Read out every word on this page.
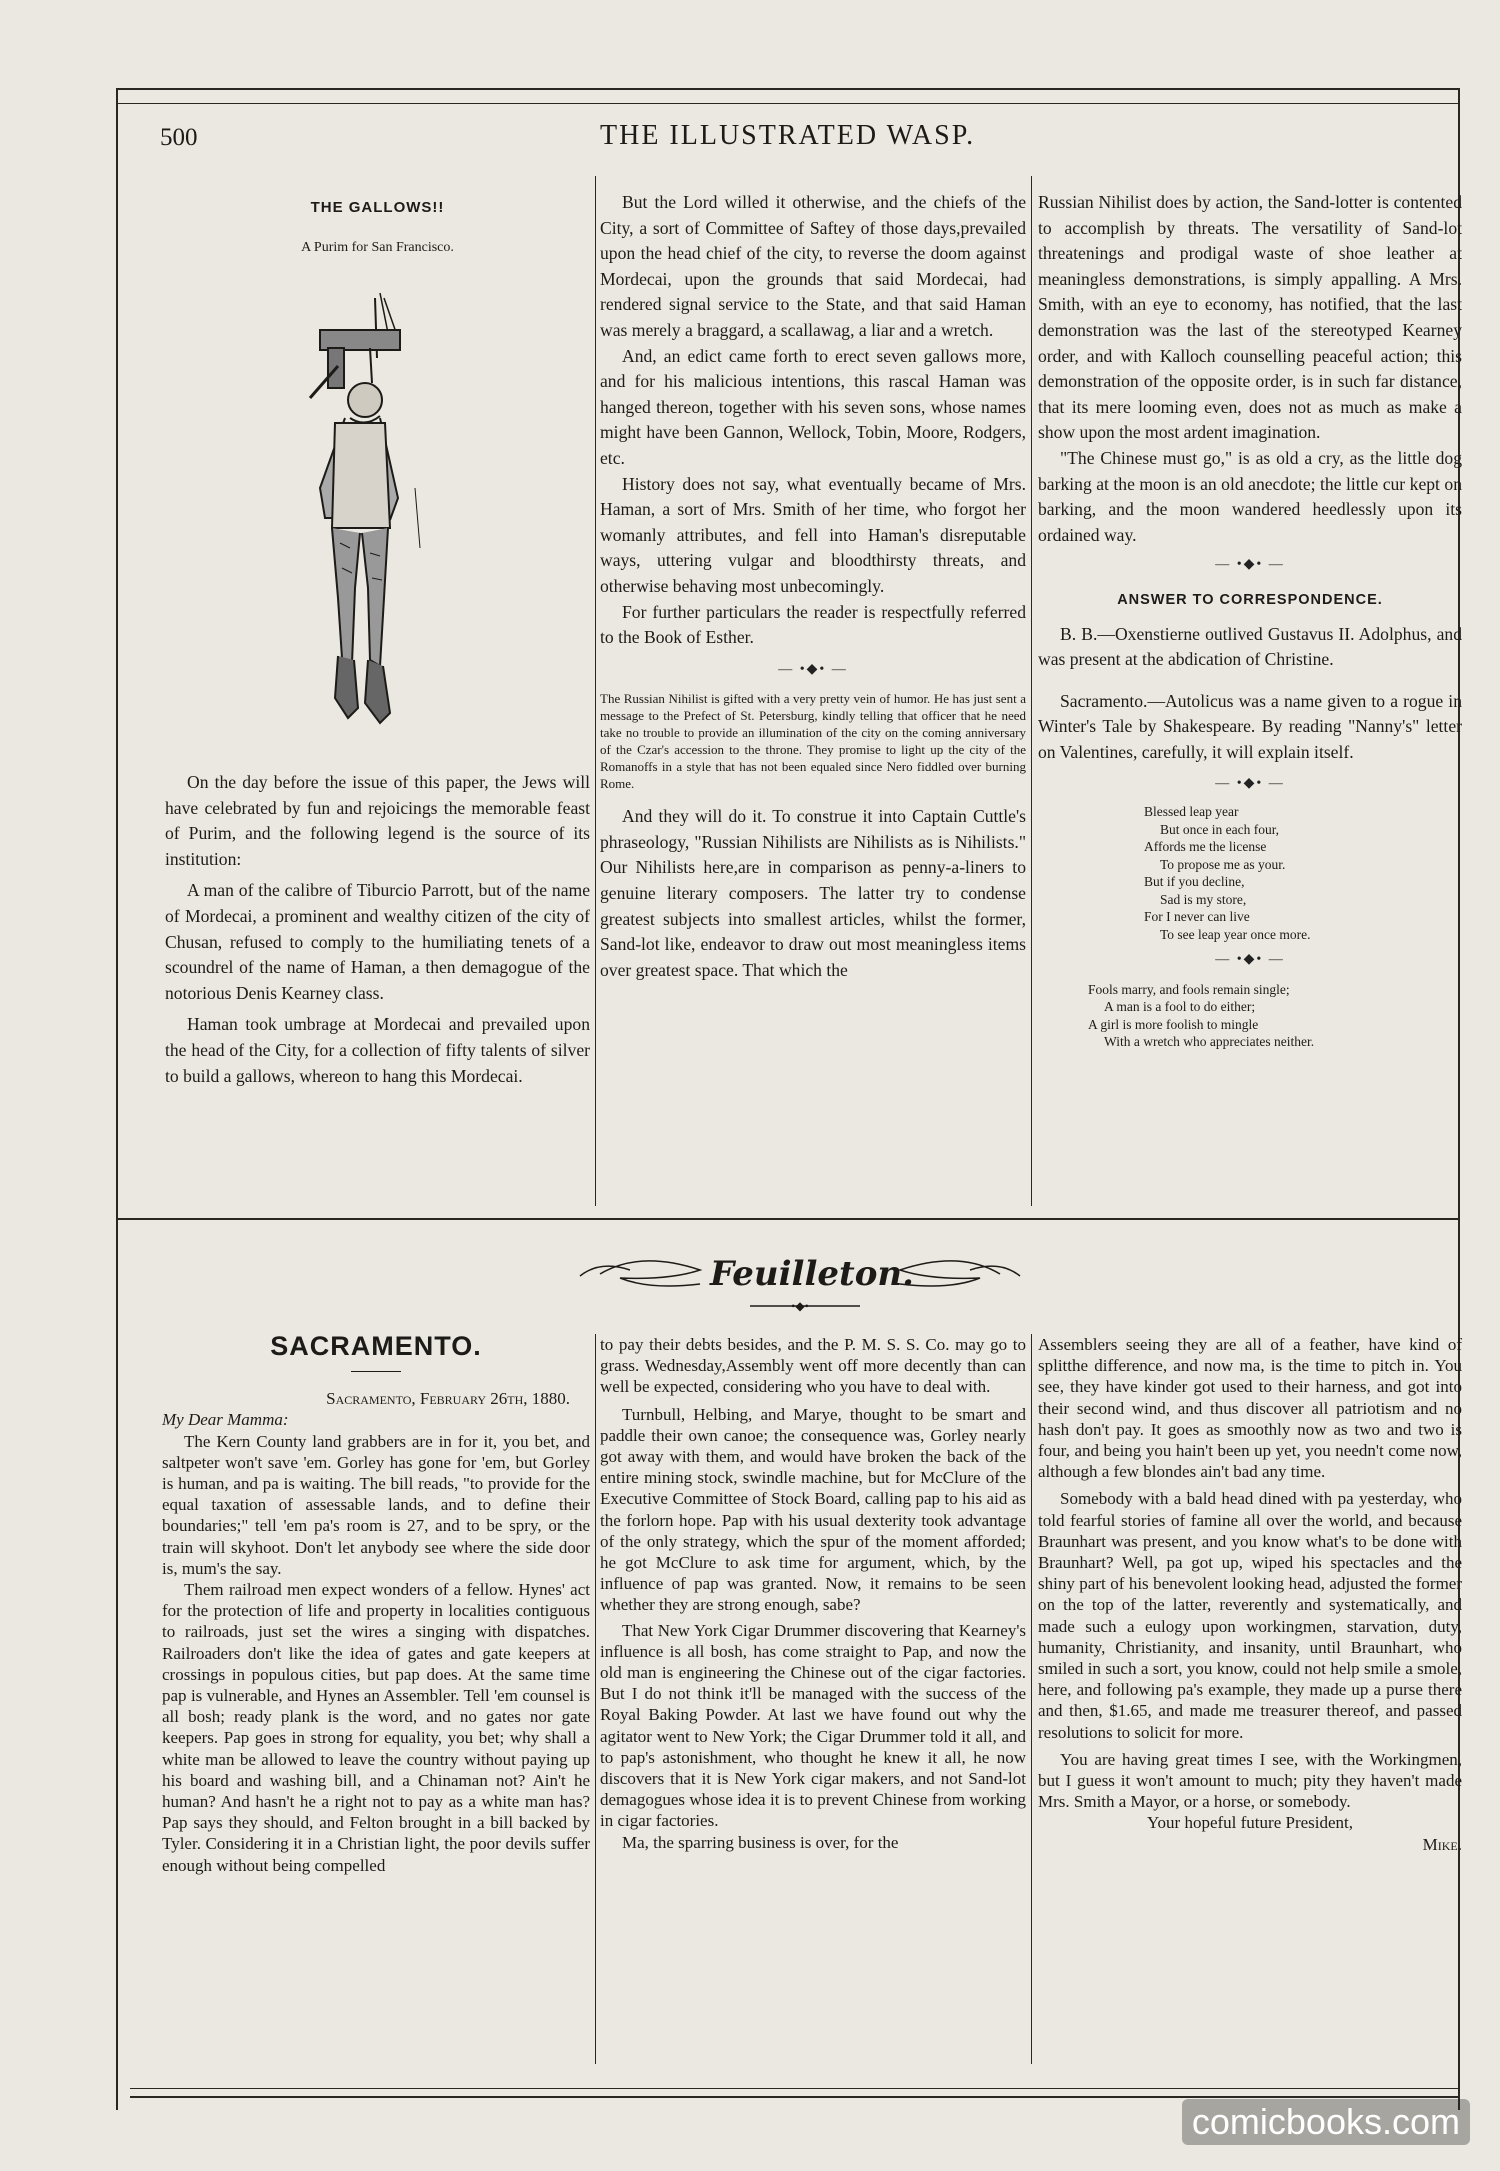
500	THE ILLUSTRATED WASP.
THE GALLOWS!!
A Purim for San Francisco.

On the day before the issue of this paper, the Jews will have celebrated by fun and rejoicings the memorable feast of Purim, and the following legend is the source of its institution:

A man of the calibre of Tiburcio Parrott, but of the name of Mordecai, a prominent and wealthy citizen of the city of Chusan, refused to comply to the humiliating tenets of a scoundrel of the name of Haman, a then demagogue of the notorious Denis Kearney class.

Haman took umbrage at Mordecai and prevailed upon the head of the City, for a collection of fifty talents of silver to build a gallows, whereon to hang this Mordecai.

But the Lord willed it otherwise, and the chiefs of the City, a sort of Committee of Saftey of those days,prevailed upon the head chief of the city, to reverse the doom against Mordecai, upon the grounds that said Mordecai, had rendered signal service to the State, and that said Haman was merely a braggard, a scallawag, a liar and a wretch.

And, an edict came forth to erect seven gallows more, and for his malicious intentions, this rascal Haman was hanged thereon, together with his seven sons, whose names might have been Gannon, Wellock, Tobin, Moore, Rodgers, etc.

History does not say, what eventually became of Mrs. Haman, a sort of Mrs. Smith of her time, who forgot her womanly attributes, and fell into Haman's disreputable ways, uttering vulgar and bloodthirsty threats, and otherwise behaving most unbecomingly.

For further particulars the reader is respectfully referred to the Book of Esther.

— •◆• —
The Russian Nihilist is gifted with a very pretty vein of humor. He has just sent a message to the Prefect of St. Petersburg, kindly telling that officer that he need take no trouble to provide an illumination of the city on the coming anniversary of the Czar's accession to the throne. They promise to light up the city of the Romanoffs in a style that has not been equaled since Nero fiddled over burning Rome.

And they will do it. To construe it into Captain Cuttle's phraseology, "Russian Nihilists are Nihilists as is Nihilists." Our Nihilists here,are in comparison as penny-a-liners to genuine literary composers. The latter try to condense greatest subjects into smallest articles, whilst the former, Sand-lot like, endeavor to draw out most meaningless items over greatest space. That which the

Russian Nihilist does by action, the Sand-lotter is contented to accomplish by threats. The versatility of Sand-lot threatenings and prodigal waste of shoe leather at meaningless demonstrations, is simply appalling. A Mrs. Smith, with an eye to economy, has notified, that the last demonstration was the last of the stereotyped Kearney order, and with Kalloch counselling peaceful action; this demonstration of the opposite order, is in such far distance, that its mere looming even, does not as much as make a show upon the most ardent imagination.

"The Chinese must go," is as old a cry, as the little dog barking at the moon is an old anecdote; the little cur kept on barking, and the moon wandered heedlessly upon its ordained way.

— •◆• —
ANSWER TO CORRESPONDENCE.

B. B.—Oxenstierne outlived Gustavus II. Adolphus, and was present at the abdication of Christine.

Sacramento.—Autolicus was a name given to a rogue in Winter's Tale by Shakespeare. By reading "Nanny's" letter on Valentines, carefully, it will explain itself.

— •◆• —
Blessed leap year
But once in each four,
Affords me the license
To propose me as your.
But if you decline,
Sad is my store,
For I never can live
To see leap year once more.
— •◆• —
Fools marry, and fools remain single;
A man is a fool to do either;
A girl is more foolish to mingle
With a wretch who appreciates neither.
•◆•
Feuilleton.
SACRAMENTO.
Sacramento, February 26th, 1880.
My Dear Mamma:

The Kern County land grabbers are in for it, you bet, and saltpeter won't save 'em. Gorley has gone for 'em, but Gorley is human, and pa is waiting. The bill reads, "to provide for the equal taxation of assessable lands, and to define their boundaries;" tell 'em pa's room is 27, and to be spry, or the train will skyhoot. Don't let anybody see where the side door is, mum's the say.

Them railroad men expect wonders of a fellow. Hynes' act for the protection of life and property in localities contiguous to railroads, just set the wires a singing with dispatches. Railroaders don't like the idea of gates and gate keepers at crossings in populous cities, but pap does. At the same time pap is vulnerable, and Hynes an Assembler. Tell 'em counsel is all bosh; ready plank is the word, and no gates nor gate keepers. Pap goes in strong for equality, you bet; why shall a white man be allowed to leave the country without paying up his board and washing bill, and a Chinaman not? Ain't he human? And hasn't he a right not to pay as a white man has? Pap says they should, and Felton brought in a bill backed by Tyler. Considering it in a Christian light, the poor devils suffer enough without being compelled

to pay their debts besides, and the P. M. S. S. Co. may go to grass. Wednesday,Assembly went off more decently than can well be expected, considering who you have to deal with.

Turnbull, Helbing, and Marye, thought to be smart and paddle their own canoe; the consequence was, Gorley nearly got away with them, and would have broken the back of the entire mining stock, swindle machine, but for McClure of the Executive Committee of Stock Board, calling pap to his aid as the forlorn hope. Pap with his usual dexterity took advantage of the only strategy, which the spur of the moment afforded; he got McClure to ask time for argument, which, by the influence of pap was granted. Now, it remains to be seen whether they are strong enough, sabe?

That New York Cigar Drummer discovering that Kearney's influence is all bosh, has come straight to Pap, and now the old man is engineering the Chinese out of the cigar factories. But I do not think it'll be managed with the success of the Royal Baking Powder. At last we have found out why the agitator went to New York; the Cigar Drummer told it all, and to pap's astonishment, who thought he knew it all, he now discovers that it is New York cigar makers, and not Sand-lot demagogues whose idea it is to prevent Chinese from working in cigar factories.

Ma, the sparring business is over, for the

Assemblers seeing they are all of a feather, have kind of splitthe difference, and now ma, is the time to pitch in. You see, they have kinder got used to their harness, and got into their second wind, and thus discover all patriotism and no hash don't pay. It goes as smoothly now as two and two is four, and being you hain't been up yet, you needn't come now, although a few blondes ain't bad any time.

Somebody with a bald head dined with pa yesterday, who told fearful stories of famine all over the world, and because Braunhart was present, and you know what's to be done with Braunhart? Well, pa got up, wiped his spectacles and the shiny part of his benevolent looking head, adjusted the former on the top of the latter, reverently and systematically, and made such a eulogy upon workingmen, starvation, duty, humanity, Christianity, and insanity, until Braunhart, who smiled in such a sort, you know, could not help smile a smole, here, and following pa's example, they made up a purse there and then, $1.65, and made me treasurer thereof, and passed resolutions to solicit for more.

You are having great times I see, with the Workingmen, but I guess it won't amount to much; pity they haven't made Mrs. Smith a Mayor, or a horse, or somebody.

Your hopeful future President,
Mike.
comicbooks.com
